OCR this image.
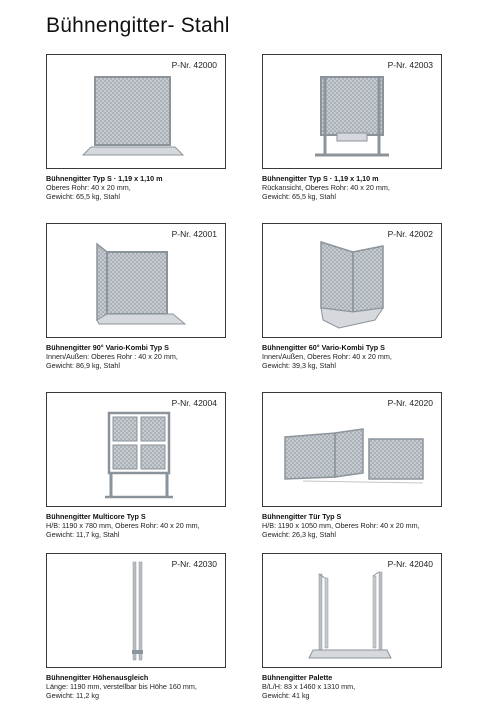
Bühnengitter- Stahl
P-Nr. 42000
Bühnengitter Typ S · 1,19 x 1,10 m
Oberes Rohr: 40 x 20 mm,
Gewicht: 65,5 kg, Stahl
P-Nr. 42003
Bühnengitter Typ S · 1,19 x 1,10 m
Rückansicht, Oberes Rohr: 40 x 20 mm,
Gewicht: 65,5 kg, Stahl
P-Nr. 42001
Bühnengitter 90° Vario-Kombi Typ S
Innen/Außen: Oberes Rohr : 40 x 20 mm,
Gewicht: 86,9 kg, Stahl
P-Nr. 42002
Bühnengitter 60° Vario-Kombi Typ S
Innen/Außen, Oberes Rohr: 40 x 20 mm,
Gewicht: 39,3 kg, Stahl
P-Nr. 42004
Bühnengitter Multicore Typ S
H/B: 1190 x 780 mm, Oberes Rohr: 40 x 20 mm,
Gewicht: 11,7 kg, Stahl
P-Nr. 42020
Bühnengitter Tür Typ S
H/B: 1190 x 1050 mm, Oberes Rohr: 40 x 20 mm,
Gewicht: 26,3 kg, Stahl
P-Nr. 42030
Bühnengitter Höhenausgleich
Länge: 1190 mm, verstellbar bis Höhe 160 mm,
Gewicht: 11,2 kg
P-Nr. 42040
Bühnengitter Palette
B/L/H: 83 x 1460 x 1310 mm,
Gewicht: 41 kg
